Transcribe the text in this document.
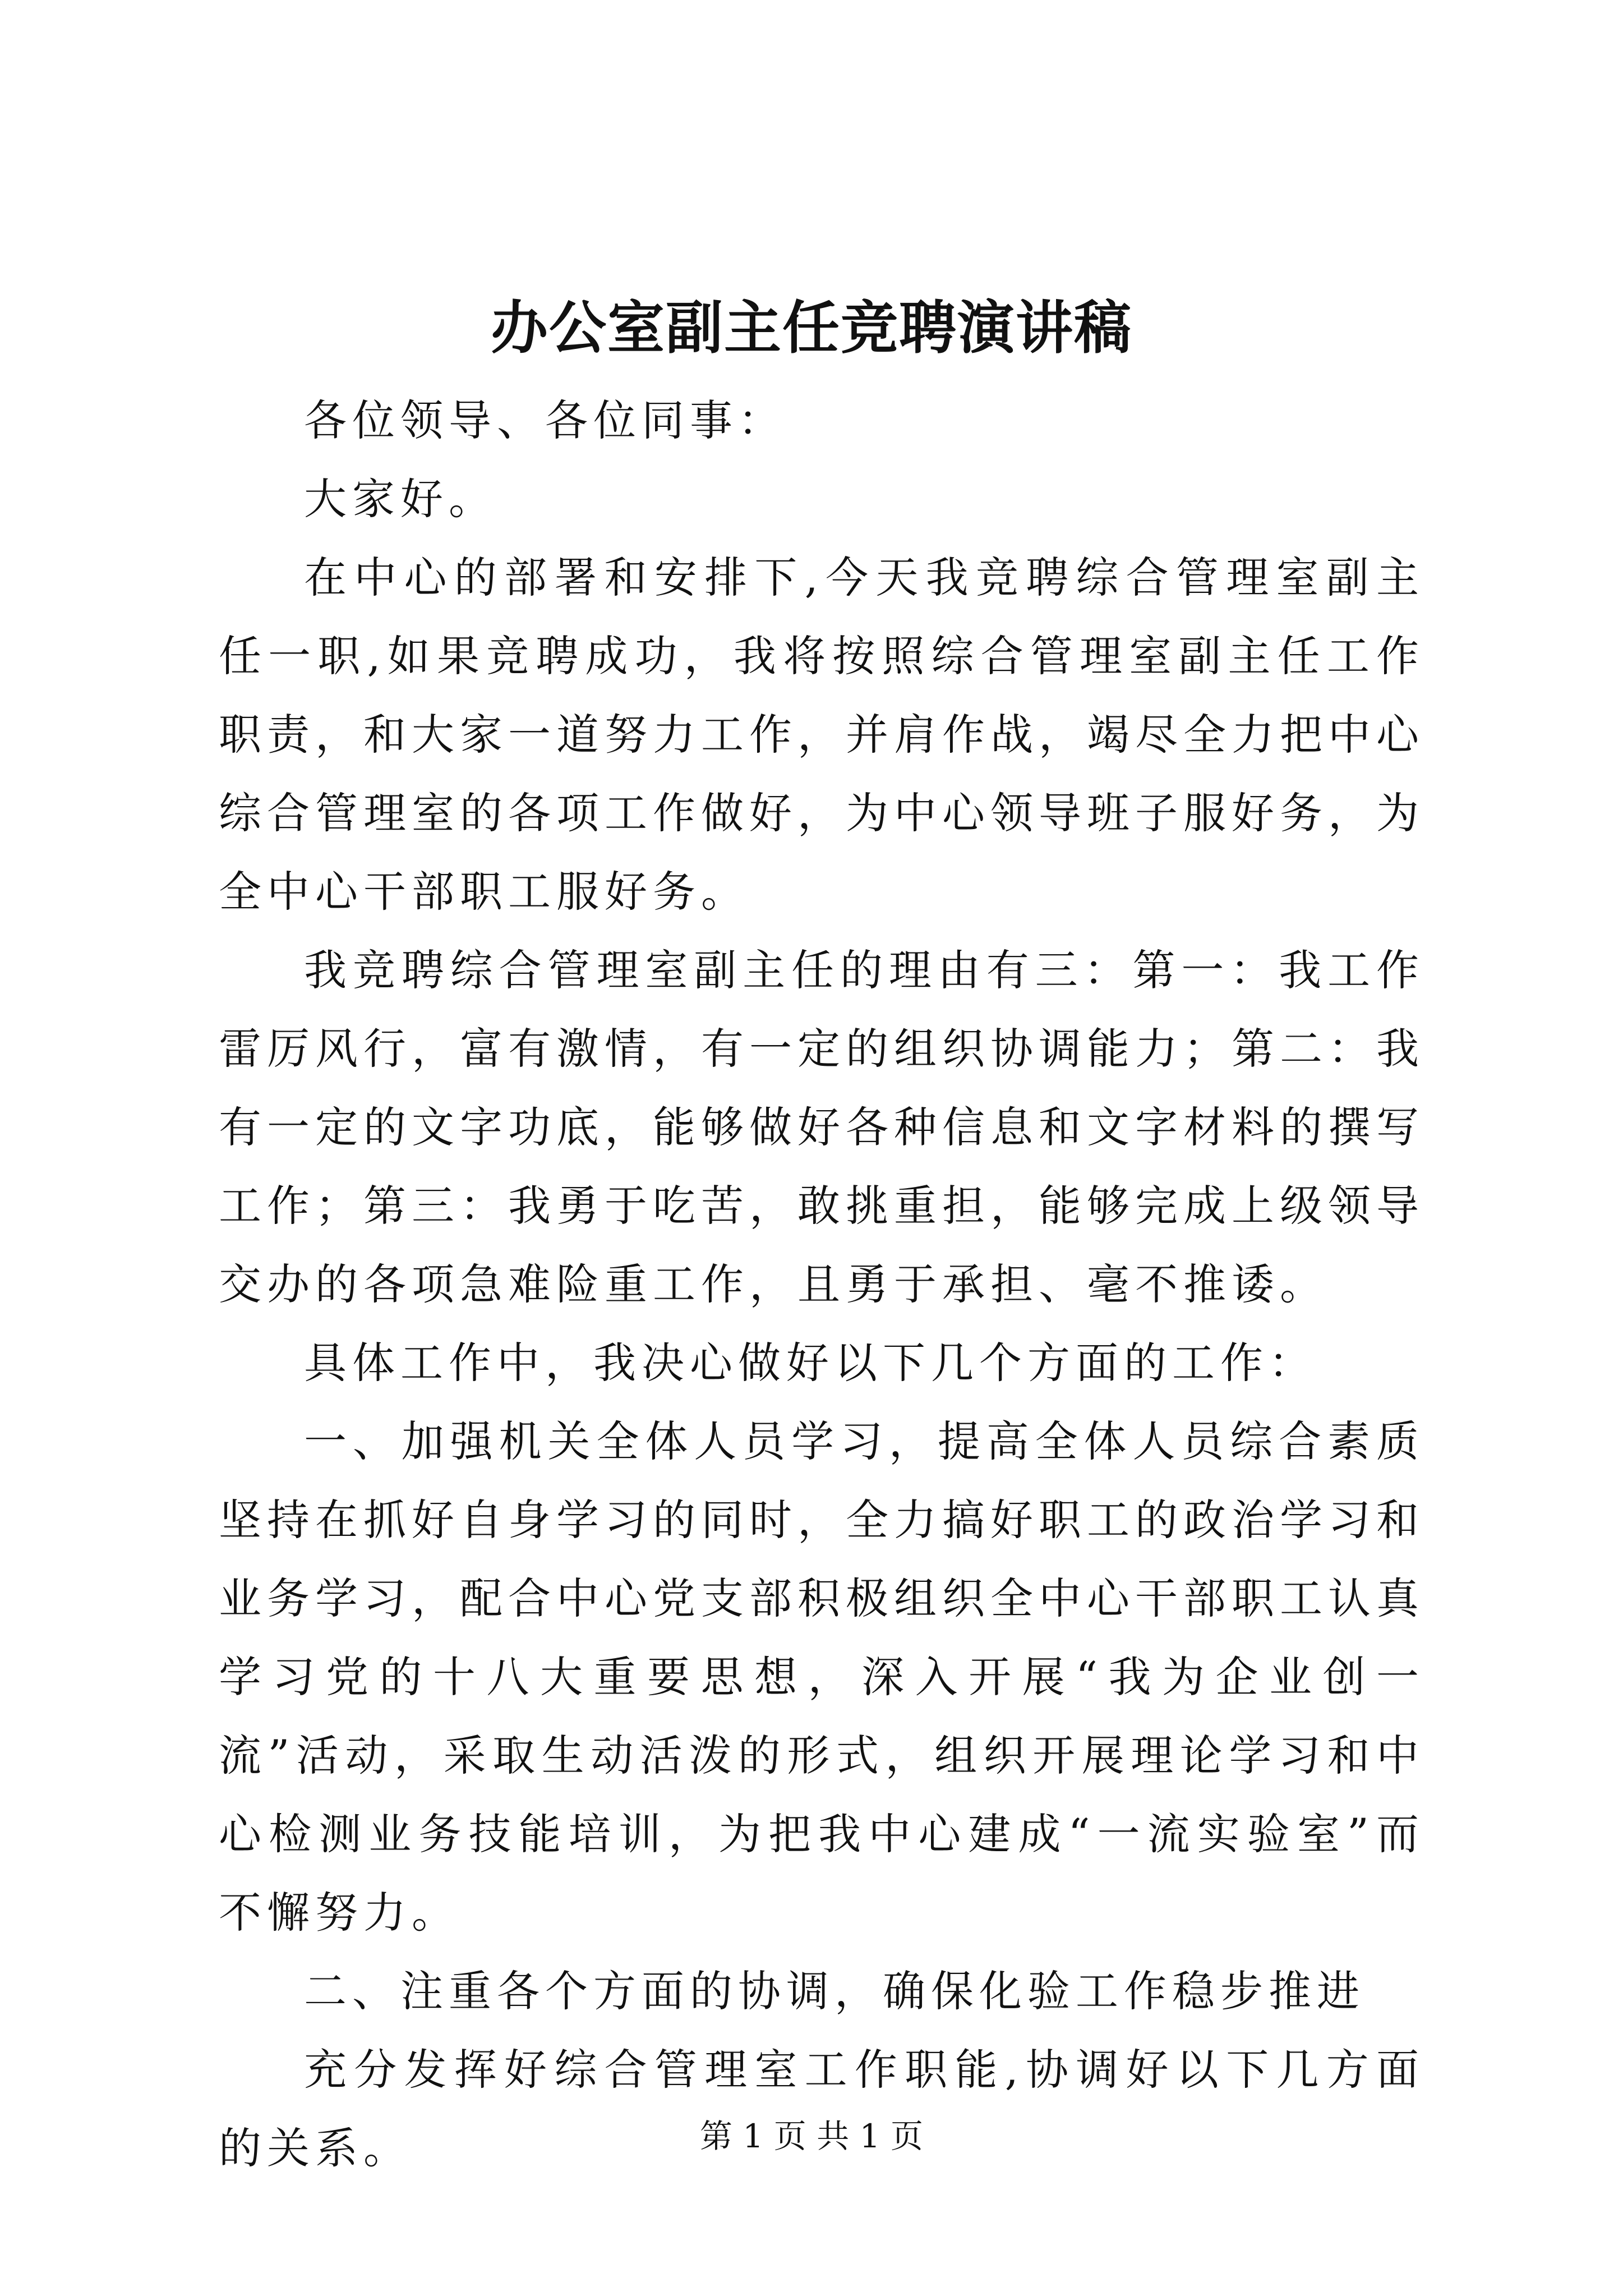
办公室副主任竞聘演讲稿

各位领导、各位同事：

大家好。

在中心的部署和安排下,今天我竞聘综合管理室副主任一职,如果竞聘成功，我将按照综合管理室副主任工作职责，和大家一道努力工作，并肩作战，竭尽全力把中心综合管理室的各项工作做好，为中心领导班子服好务，为全中心干部职工服好务。

我竞聘综合管理室副主任的理由有三：第一：我工作雷厉风行，富有激情，有一定的组织协调能力；第二：我有一定的文字功底，能够做好各种信息和文字材料的撰写工作；第三：我勇于吃苦，敢挑重担，能够完成上级领导交办的各项急难险重工作，且勇于承担、毫不推诿。

具体工作中，我决心做好以下几个方面的工作：

一、加强机关全体人员学习，提高全体人员综合素质坚持在抓好自身学习的同时，全力搞好职工的政治学习和业务学习，配合中心党支部积极组织全中心干部职工认真学习党的十八大重要思想，深入开展“我为企业创一流”活动，采取生动活泼的形式，组织开展理论学习和中心检测业务技能培训，为把我中心建成“一流实验室”而不懈努力。

二、注重各个方面的协调，确保化验工作稳步推进

充分发挥好综合管理室工作职能,协调好以下几方面的关系。	第 1 页 共 1 页
